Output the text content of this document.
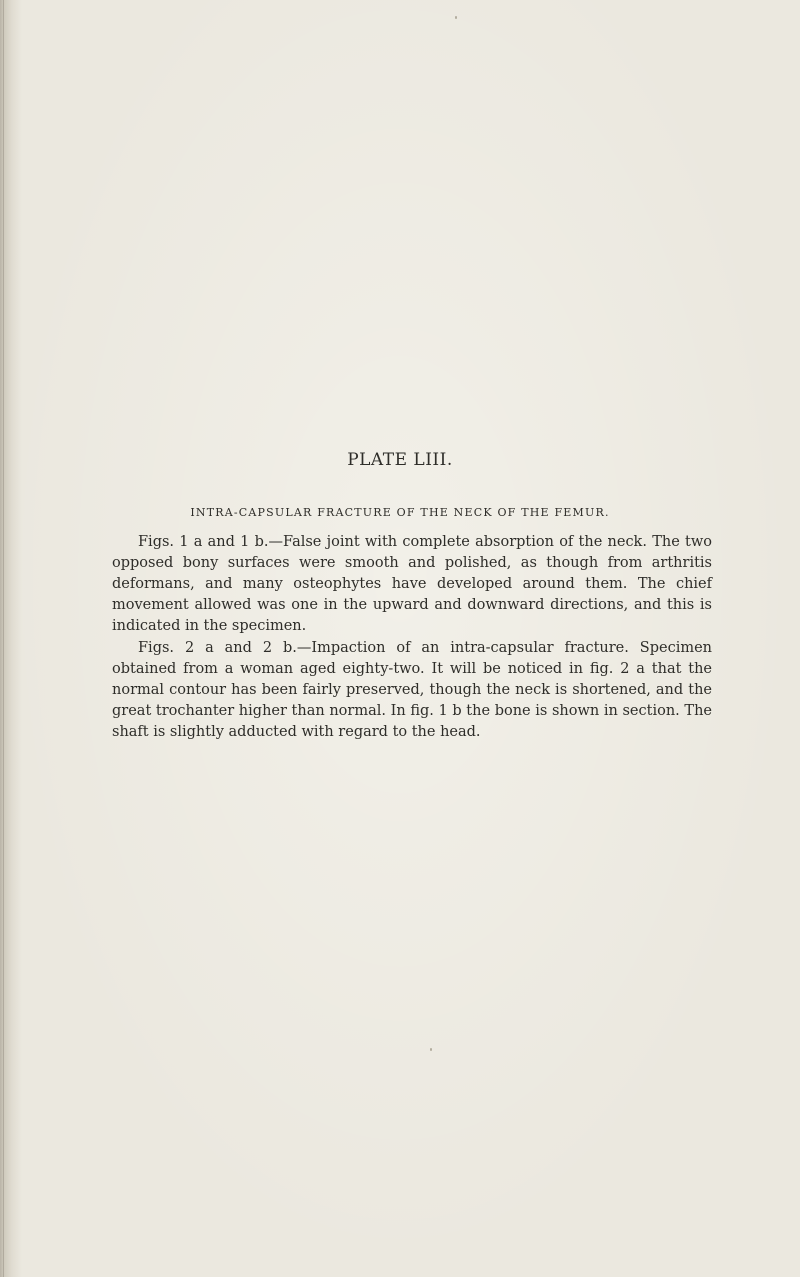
PLATE LIII.
INTRA-CAPSULAR FRACTURE OF THE NECK OF THE FEMUR.
Figs. 1 a and 1 b.—False joint with complete absorption of the neck. The two opposed bony surfaces were smooth and polished, as though from arthritis deformans, and many osteophytes have developed around them. The chief movement allowed was one in the upward and downward directions, and this is indicated in the specimen.
Figs. 2 a and 2 b.—Impaction of an intra-capsular fracture. Specimen obtained from a woman aged eighty-two. It will be noticed in fig. 2 a that the normal contour has been fairly preserved, though the neck is shortened, and the great trochanter higher than normal. In fig. 1 b the bone is shown in section. The shaft is slightly adducted with regard to the head.
